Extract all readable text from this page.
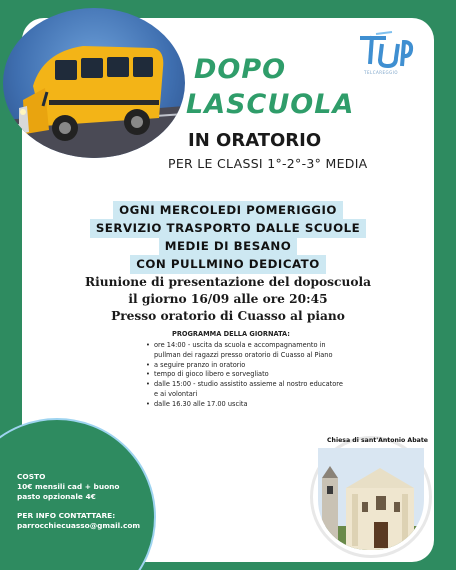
TELCAREGGIO
DOPO
LASCUOLA
IN ORATORIO
PER LE CLASSI 1°-2°-3° MEDIA
OGNI MERCOLEDI POMERIGGIO
SERVIZIO TRASPORTO DALLE SCUOLE
MEDIE DI BESANO
CON PULLMINO DEDICATO
Riunione di presentazione del doposcuola
il giorno 16/09 alle ore 20:45
Presso oratorio di Cuasso al piano
PROGRAMMA DELLA GIORNATA:
• ore 14:00 - uscita da scuola e accompagnamento in pullman dei ragazzi presso oratorio di Cuasso al Piano
• a seguire pranzo in oratorio
• tempo di gioco libero e sorvegliato
• dalle 15:00 - studio assistito assieme al nostro educatore e ai volontari
• dalle 16.30 alle 17.00 uscita
Chiesa di sant'Antonio Abate
COSTO
10€ mensili cad + buono
pasto opzionale 4€
PER INFO CONTATTARE:
parrocchiecuasso@gmail.com
